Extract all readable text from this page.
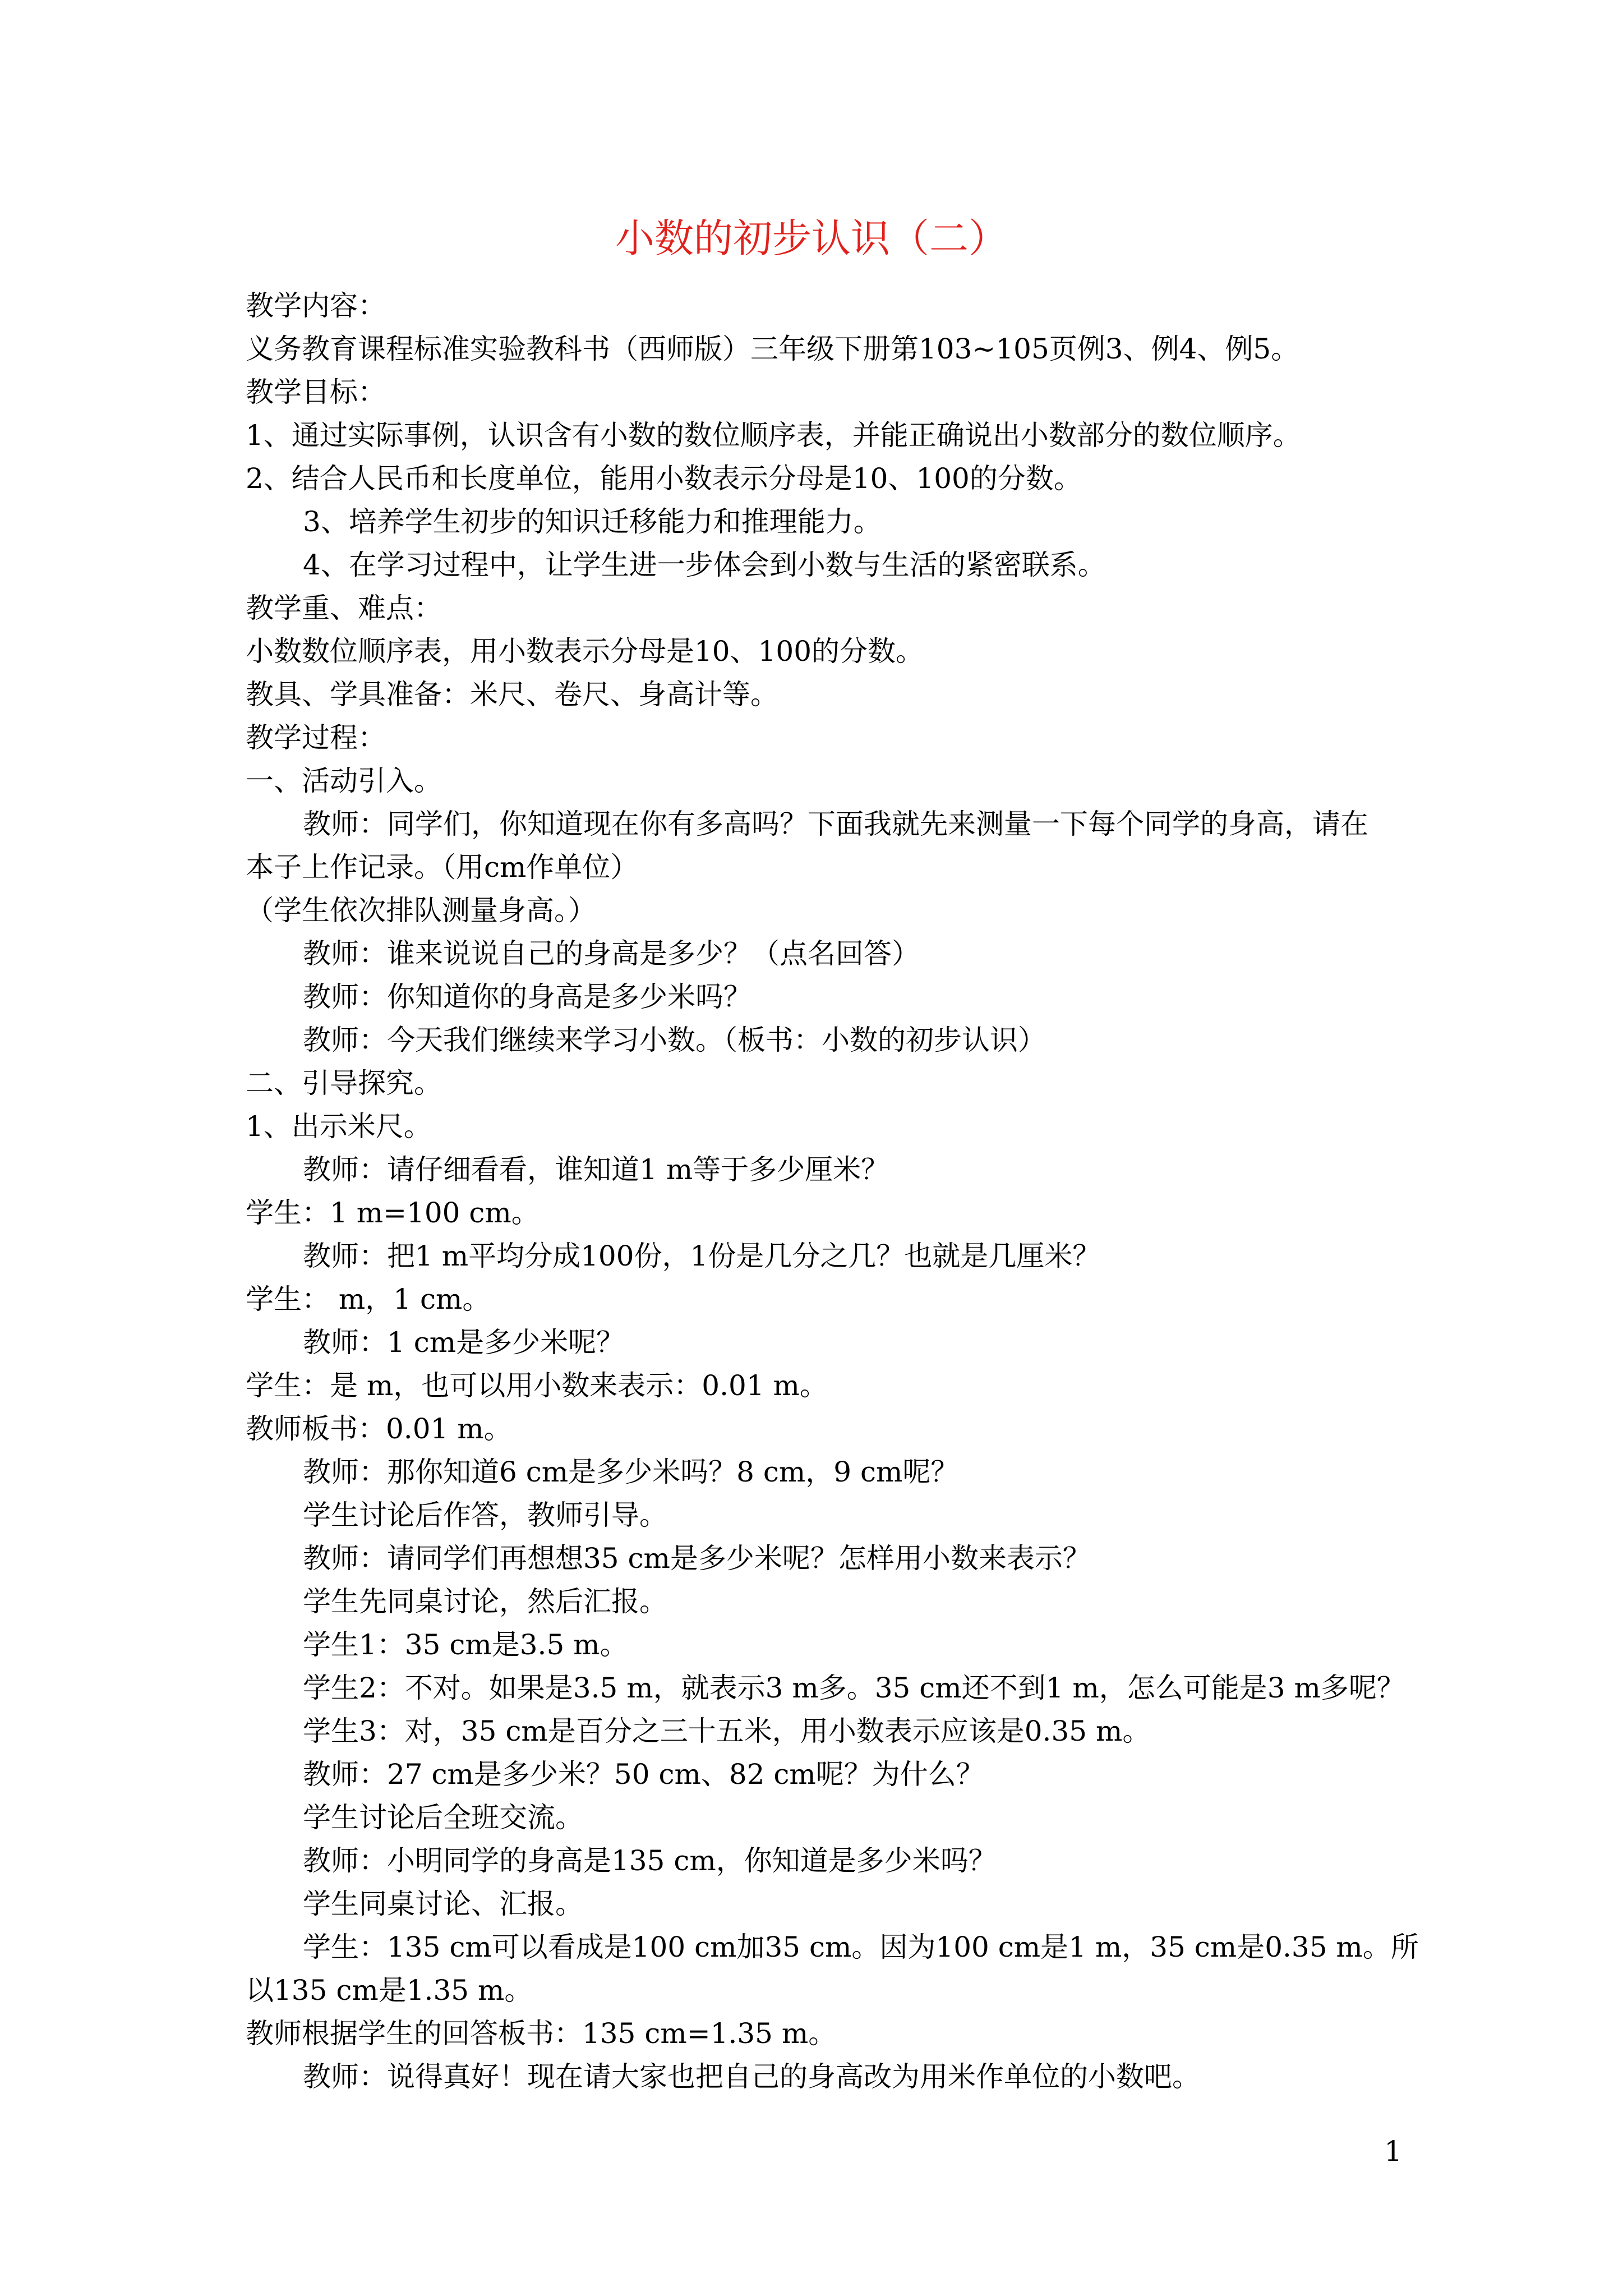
小数的初步认识（二）
教学内容：
义务教育课程标准实验教科书（西师版）三年级下册第103~105页例3、例4、例5。
教学目标：
1、通过实际事例，认识含有小数的数位顺序表，并能正确说出小数部分的数位顺序。
2、结合人民币和长度单位，能用小数表示分母是10、100的分数。
3、培养学生初步的知识迁移能力和推理能力。
4、在学习过程中，让学生进一步体会到小数与生活的紧密联系。
教学重、难点：
小数数位顺序表，用小数表示分母是10、100的分数。
教具、学具准备：米尺、卷尺、身高计等。
教学过程：
一、活动引入。
教师：同学们，你知道现在你有多高吗？下面我就先来测量一下每个同学的身高，请在
本子上作记录。（用cm作单位）
（学生依次排队测量身高。）
教师：谁来说说自己的身高是多少？（点名回答）
教师：你知道你的身高是多少米吗？
教师：今天我们继续来学习小数。（板书：小数的初步认识）
二、引导探究。
1、出示米尺。
教师：请仔细看看，谁知道1 m等于多少厘米？
学生：1 m=100 cm。
教师：把1 m平均分成100份，1份是几分之几？也就是几厘米？
学生： m，1 cm。
教师：1 cm是多少米呢？
学生：是 m，也可以用小数来表示：0.01 m。
教师板书：0.01 m。
教师：那你知道6 cm是多少米吗？8 cm，9 cm呢？
学生讨论后作答，教师引导。
教师：请同学们再想想35 cm是多少米呢？怎样用小数来表示？
学生先同桌讨论，然后汇报。
学生1：35 cm是3.5 m。
学生2：不对。如果是3.5 m，就表示3 m多。35 cm还不到1 m，怎么可能是3 m多呢？
学生3：对，35 cm是百分之三十五米，用小数表示应该是0.35 m。
教师：27 cm是多少米？50 cm、82 cm呢？为什么？
学生讨论后全班交流。
教师：小明同学的身高是135 cm，你知道是多少米吗？
学生同桌讨论、汇报。
学生：135 cm可以看成是100 cm加35 cm。因为100 cm是1 m，35 cm是0.35 m。所
以135 cm是1.35 m。
教师根据学生的回答板书：135 cm=1.35 m。
教师：说得真好！现在请大家也把自己的身高改为用米作单位的小数吧。
1
